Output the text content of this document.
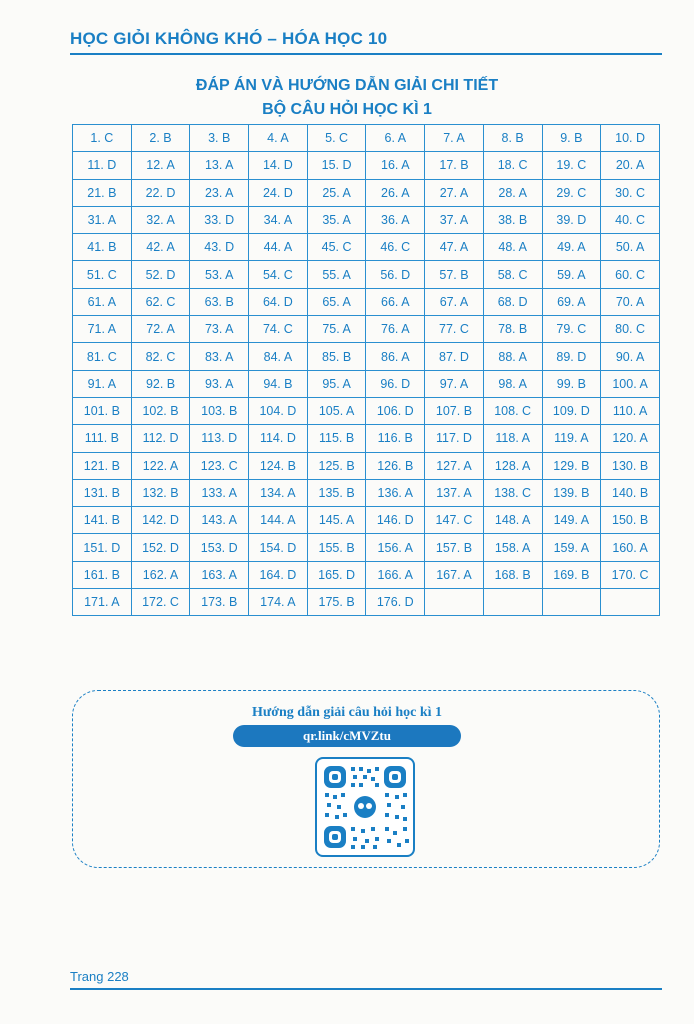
HỌC GIỎI KHÔNG KHÓ – HÓA HỌC 10
ĐÁP ÁN VÀ HƯỚNG DẪN GIẢI CHI TIẾT
BỘ CÂU HỎI HỌC KÌ 1
1. C	2. B	3. B	4. A	5. C	6. A	7. A	8. B	9. B	10. D
11. D	12. A	13. A	14. D	15. D	16. A	17. B	18. C	19. C	20. A
21. B	22. D	23. A	24. D	25. A	26. A	27. A	28. A	29. C	30. C
31. A	32. A	33. D	34. A	35. A	36. A	37. A	38. B	39. D	40. C
41. B	42. A	43. D	44. A	45. C	46. C	47. A	48. A	49. A	50. A
51. C	52. D	53. A	54. C	55. A	56. D	57. B	58. C	59. A	60. C
61. A	62. C	63. B	64. D	65. A	66. A	67. A	68. D	69. A	70. A
71. A	72. A	73. A	74. C	75. A	76. A	77. C	78. B	79. C	80. C
81. C	82. C	83. A	84. A	85. B	86. A	87. D	88. A	89. D	90. A
91. A	92. B	93. A	94. B	95. A	96. D	97. A	98. A	99. B	100. A
101. B	102. B	103. B	104. D	105. A	106. D	107. B	108. C	109. D	110. A
111. B	112. D	113. D	114. D	115. B	116. B	117. D	118. A	119. A	120. A
121. B	122. A	123. C	124. B	125. B	126. B	127. A	128. A	129. B	130. B
131. B	132. B	133. A	134. A	135. B	136. A	137. A	138. C	139. B	140. B
141. B	142. D	143. A	144. A	145. A	146. D	147. C	148. A	149. A	150. B
151. D	152. D	153. D	154. D	155. B	156. A	157. B	158. A	159. A	160. A
161. B	162. A	163. A	164. D	165. D	166. A	167. A	168. B	169. B	170. C
171. A	172. C	173. B	174. A	175. B	176. D				
Hướng dẫn giải câu hỏi học kì 1
qr.link/cMVZtu
Trang 228
